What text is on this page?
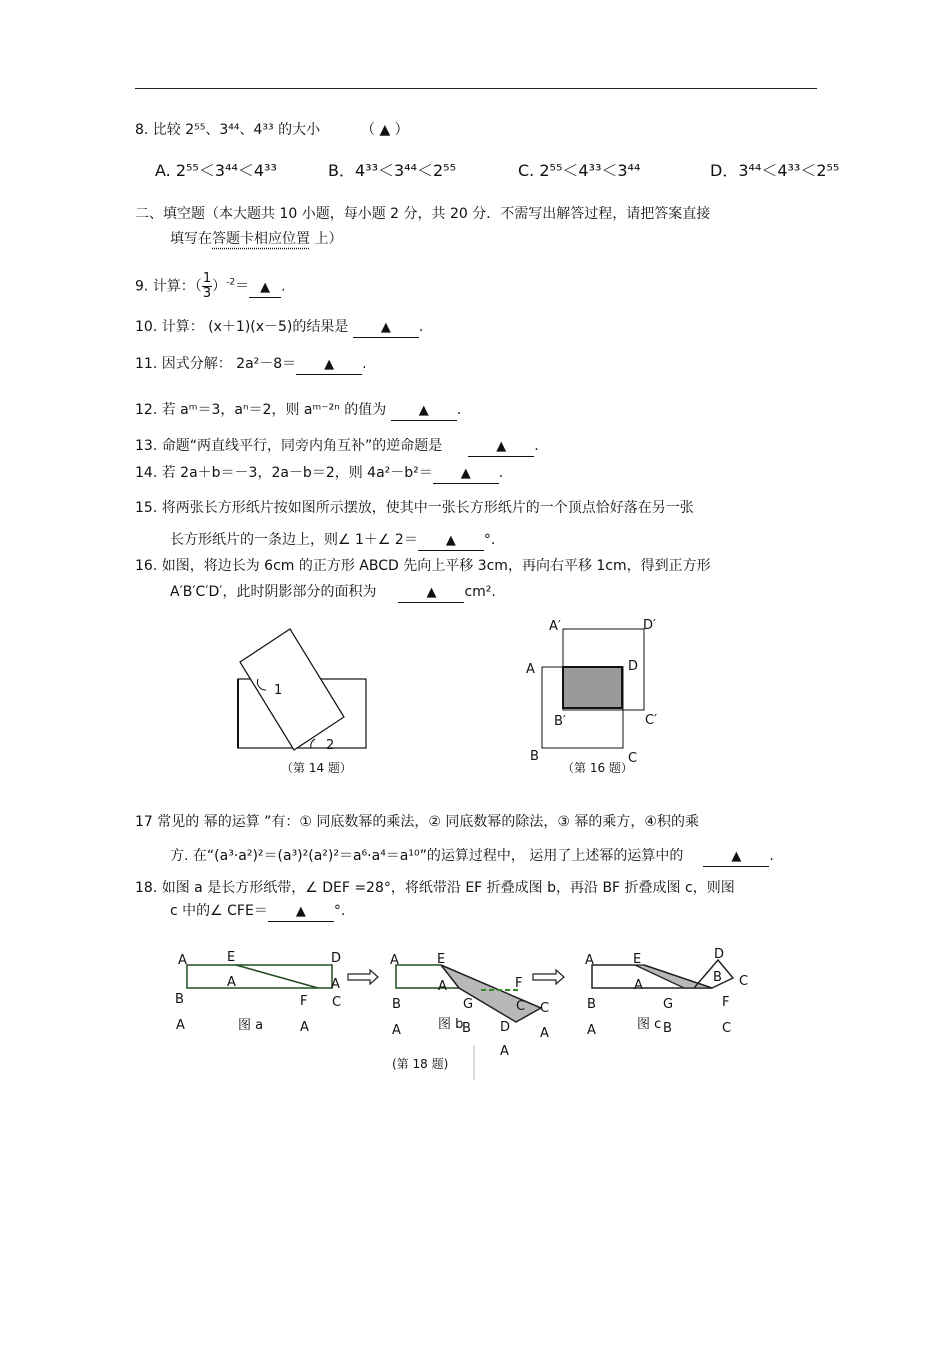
8. 比较 2⁵⁵、3⁴⁴、4³³ 的大小	（ ▲ ）
A. 2⁵⁵＜3⁴⁴＜4³³	B．4³³＜3⁴⁴＜2⁵⁵	C. 2⁵⁵＜4³³＜3⁴⁴	D．3⁴⁴＜4³³＜2⁵⁵
二、填空题（本大题共 10 小题，每小题 2 分，共 20 分．不需写出解答过程，请把答案直接
填写在答题卡相应位置 上）
9. 计算：（ $\frac{1}{3} )^{-2}=$ ▲ .
10. 计算： (x＋1)(x－5)的结果是 ▲ .
11. 因式分解： 2a²－8＝ ▲ .
12. 若 aᵐ＝3，aⁿ＝2，则 aᵐ⁻²ⁿ 的值为 ▲ .
13. 命题“两直线平行，同旁内角互补”的逆命题是	▲ .
14. 若 2a＋b＝－3，2a－b＝2，则 4a²－b²＝ ▲ .
15. 将两张长方形纸片按如图所示摆放，使其中一张长方形纸片的一个顶点恰好落在另一张
长方形纸片的一条边上，则∠ 1＋∠ 2＝ ▲ °.
16. 如图，将边长为 6cm 的正方形 ABCD 先向上平移 3cm，再向右平移 1cm，得到正方形
A′B′C′D′，此时阴影部分的面积为	▲ cm².
1
2
（第 14 题）
A′	D′
A	D
B′	C′
B	C
（第 16 题）
17 常见的 幂的运算 ”有：① 同底数幂的乘法，② 同底数幂的除法，③ 幂的乘方，④积的乘
方. 在“(a³·a²)²＝(a³)²(a²)²＝a⁶·a⁴＝a¹⁰”的运算过程中， 运用了上述幂的运算中的	▲ .
18. 如图 a 是长方形纸带，∠ DEF =28°，将纸带沿 EF 折叠成图 b，再沿 BF 折叠成图 c，则图
c 中的∠ CFE＝ ▲ °.
A	E	D
A	A
B	F C
A	A
图 a
A	E
A	F
B	G	C C
B D
A	A
A
图 b
A	E	D
B C
A
B	G	F
A	B	C
图 c
(第 18 题)
